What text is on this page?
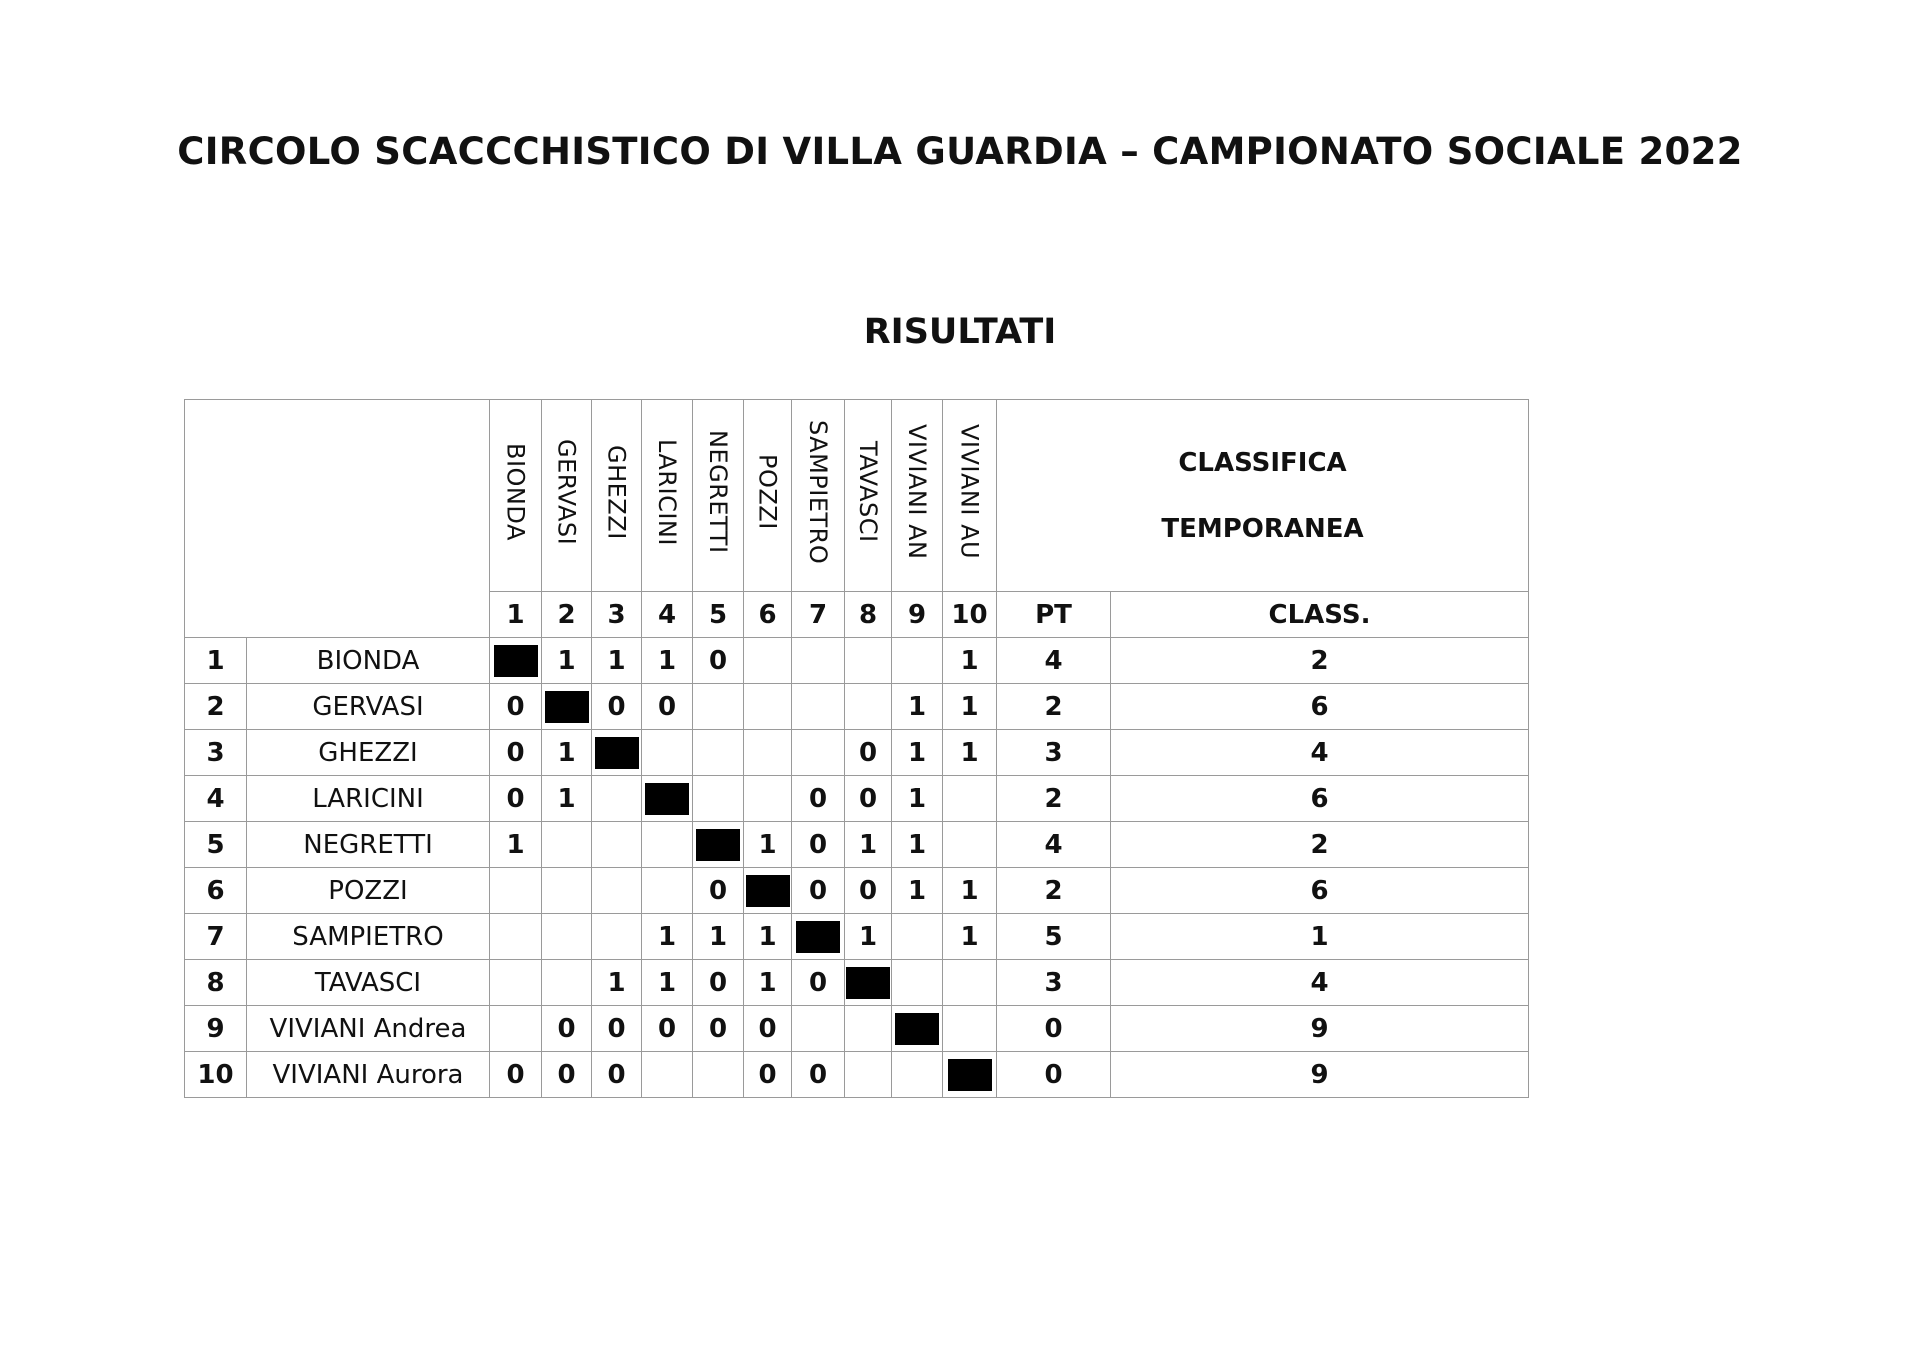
CIRCOLO SCACCCHISTICO DI VILLA GUARDIA – CAMPIONATO SOCIALE 2022
RISULTATI
		BIONDA	GERVASI	GHEZZI	LARICINI	NEGRETTI	POZZI	SAMPIETRO	TAVASCI	VIVIANI AN	VIVIANI AU	CLASSIFICA
TEMPORANEA	

		1	2	3	4	5	6	7	8	9	10	PT	CLASS.
1	BIONDA		1	1	1	0					1	4	2
2	GERVASI	0		0	0					1	1	2	6
3	GHEZZI	0	1						0	1	1	3	4
4	LARICINI	0	1					0	0	1		2	6
5	NEGRETTI	1					1	0	1	1		4	2
6	POZZI					0		0	0	1	1	2	6
7	SAMPIETRO				1	1	1		1		1	5	1
8	TAVASCI			1	1	0	1	0				3	4
9	VIVIANI Andrea		0	0	0	0	0					0	9
10	VIVIANI Aurora	0	0	0			0	0				0	9
